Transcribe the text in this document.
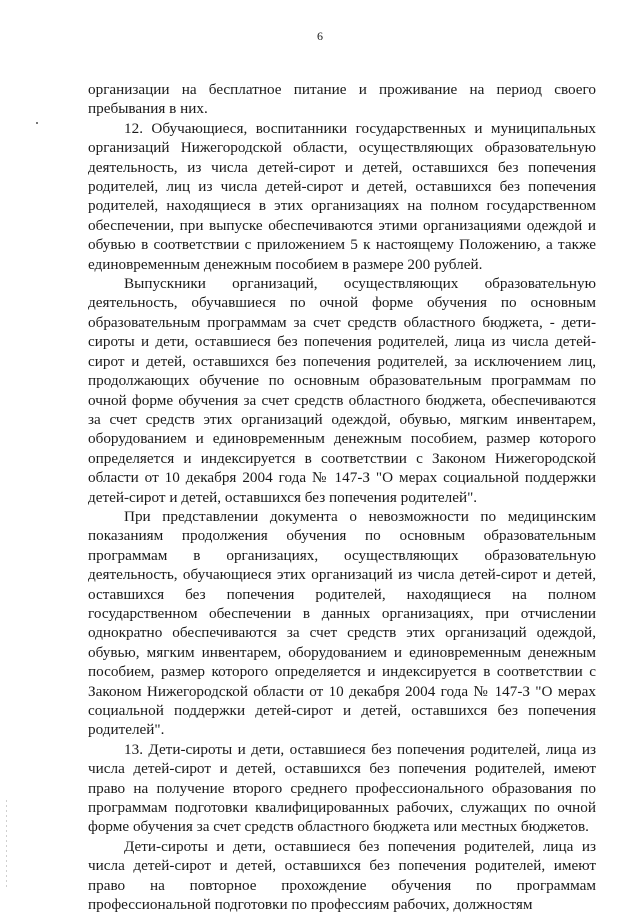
6

организации на бесплатное питание и проживание на период своего пребывания в них.

12. Обучающиеся, воспитанники государственных и муниципальных организаций Нижегородской области, осуществляющих образовательную деятельность, из числа детей-сирот и детей, оставшихся без попечения родителей, лиц из числа детей-сирот и детей, оставшихся без попечения родителей, находящиеся в этих организациях на полном государственном обеспечении, при выпуске обеспечиваются этими организациями одеждой и обувью в соответствии с приложением 5 к настоящему Положению, а также единовременным денежным пособием в размере 200 рублей.

Выпускники организаций, осуществляющих образовательную деятельность, обучавшиеся по очной форме обучения по основным образовательным программам за счет средств областного бюджета, - дети-сироты и дети, оставшиеся без попечения родителей, лица из числа детей-сирот и детей, оставшихся без попечения родителей, за исключением лиц, продолжающих обучение по основным образовательным программам по очной форме обучения за счет средств областного бюджета, обеспечиваются за счет средств этих организаций одеждой, обувью, мягким инвентарем, оборудованием и единовременным денежным пособием, размер которого определяется и индексируется в соответствии с Законом Нижегородской области от 10 декабря 2004 года № 147-З "О мерах социальной поддержки детей-сирот и детей, оставшихся без попечения родителей".

При представлении документа о невозможности по медицинским показаниям продолжения обучения по основным образовательным программам в организациях, осуществляющих образовательную деятельность, обучающиеся этих организаций из числа детей-сирот и детей, оставшихся без попечения родителей, находящиеся на полном государственном обеспечении в данных организациях, при отчислении однократно обеспечиваются за счет средств этих организаций одеждой, обувью, мягким инвентарем, оборудованием и единовременным денежным пособием, размер которого определяется и индексируется в соответствии с Законом Нижегородской области от 10 декабря 2004 года № 147-З "О мерах социальной поддержки детей-сирот и детей, оставшихся без попечения родителей".

13. Дети-сироты и дети, оставшиеся без попечения родителей, лица из числа детей-сирот и детей, оставшихся без попечения родителей, имеют право на получение второго среднего профессионального образования по программам подготовки квалифицированных рабочих, служащих по очной форме обучения за счет средств областного бюджета или местных бюджетов.

Дети-сироты и дети, оставшиеся без попечения родителей, лица из числа детей-сирот и детей, оставшихся без попечения родителей, имеют право на повторное прохождение обучения по программам профессиональной подготовки по профессиям рабочих, должностям
